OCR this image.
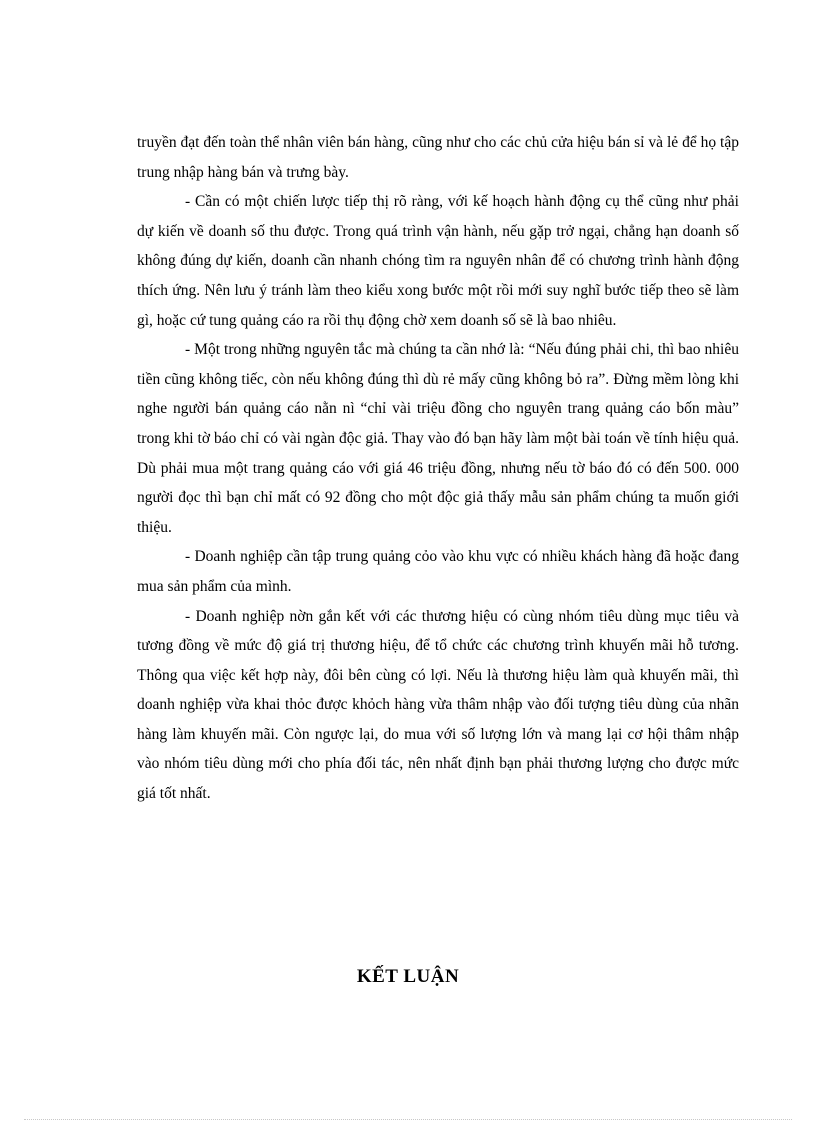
truyền đạt đến toàn thể nhân viên bán hàng, cũng như cho các chủ cửa hiệu bán sỉ và lẻ để họ tập trung nhập hàng bán và trưng bày.

- Cần có một chiến lược tiếp thị rõ ràng, với kế hoạch hành động cụ thể cũng như phải dự kiến về doanh số thu được. Trong quá trình vận hành, nếu gặp trở ngại, chẳng hạn doanh số không đúng dự kiến, doanh cần nhanh chóng tìm ra nguyên nhân để có chương trình hành động thích ứng. Nên lưu ý tránh làm theo kiểu xong bước một rồi mới suy nghĩ bước tiếp theo sẽ làm gì, hoặc cứ tung quảng cáo ra rồi thụ động chờ xem doanh số sẽ là bao nhiêu.

- Một trong những nguyên tắc mà chúng ta cần nhớ là: “Nếu đúng phải chi, thì bao nhiêu tiền cũng không tiếc, còn nếu không đúng thì dù rẻ mấy cũng không bỏ ra”. Đừng mềm lòng khi nghe người bán quảng cáo nằn nì “chỉ vài triệu đồng cho nguyên trang quảng cáo bốn màu” trong khi tờ báo chỉ có vài ngàn độc giả. Thay vào đó bạn hãy làm một bài toán về tính hiệu quả. Dù phải mua một trang quảng cáo với giá 46 triệu đồng, nhưng nếu tờ báo đó có đến 500. 000 người đọc thì bạn chỉ mất có 92 đồng cho một độc giả thấy mẫu sản phẩm chúng ta muốn giới thiệu.

- Doanh nghiệp cần tập trung quảng cỏo vào khu vực có nhiều khách hàng đã hoặc đang mua sản phẩm của mình.

- Doanh nghiệp nờn gắn kết với các thương hiệu có cùng nhóm tiêu dùng mục tiêu và tương đồng về mức độ giá trị thương hiệu, để tổ chức các chương trình khuyến mãi hỗ tương. Thông qua việc kết hợp này, đôi bên cùng có lợi. Nếu là thương hiệu làm quà khuyến mãi, thì doanh nghiệp vừa khai thỏc được khỏch hàng vừa thâm nhập vào đối tượng tiêu dùng của nhãn hàng làm khuyến mãi. Còn ngược lại, do mua với số lượng lớn và mang lại cơ hội thâm nhập vào nhóm tiêu dùng mới cho phía đối tác, nên nhất định bạn phải thương lượng cho được mức giá tốt nhất.

KẾT LUẬN
